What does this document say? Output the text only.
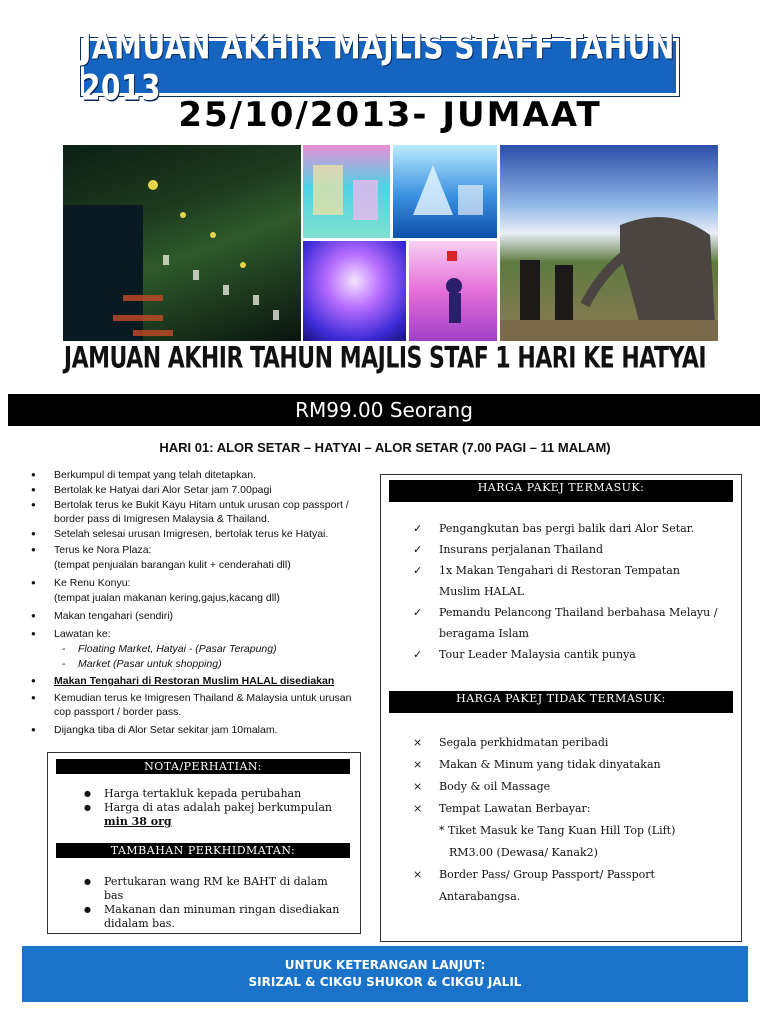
JAMUAN AKHIR MAJLIS STAFF TAHUN 2013
25/10/2013- JUMAAT
JAMUAN AKHIR TAHUN MAJLIS STAF 1 HARI KE HATYAI
RM99.00 Seorang
HARI 01: ALOR SETAR – HATYAI – ALOR SETAR (7.00 PAGI – 11 MALAM)
● Berkumpul di tempat yang telah ditetapkan.
● Bertolak ke Hatyai dari Alor Setar jam 7.00pagi
● Bertolak terus ke Bukit Kayu Hitam untuk urusan cop passport / border pass di Imigresen Malaysia & Thailand.
● Setelah selesai urusan Imigresen, bertolak terus ke Hatyai.
● Terus ke Nora Plaza:
(tempat penjualan barangan kulit + cenderahati dll)
● Ke Renu Konyu:
(tempat jualan makanan kering,gajus,kacang dll)
● Makan tengahari (sendiri)
● Lawatan ke:
- Floating Market, Hatyai - (Pasar Terapung)
- Market (Pasar untuk shopping)
● Makan Tengahari di Restoran Muslim HALAL disediakan
● Kemudian terus ke Imigresen Thailand & Malaysia untuk urusan cop passport / border pass.
● Dijangka tiba di Alor Setar sekitar jam 10malam.
NOTA/PERHATIAN:
● Harga tertakluk kepada perubahan
● Harga di atas adalah pakej berkumpulan
min 38 org
TAMBAHAN PERKHIDMATAN:
● Pertukaran wang RM ke BAHT di dalam bas
● Makanan dan minuman ringan disediakan didalam bas.
HARGA PAKEJ TERMASUK:
✓ Pengangkutan bas pergi balik dari Alor Setar.
✓ Insurans perjalanan Thailand
✓ 1x Makan Tengahari di Restoran Tempatan Muslim HALAL
✓ Pemandu Pelancong Thailand berbahasa Melayu / beragama Islam
✓ Tour Leader Malaysia cantik punya
HARGA PAKEJ TIDAK TERMASUK:
× Segala perkhidmatan peribadi
× Makan & Minum yang tidak dinyatakan
× Body & oil Massage
× Tempat Lawatan Berbayar:
* Tiket Masuk ke Tang Kuan Hill Top (Lift)
RM3.00 (Dewasa/ Kanak2)
× Border Pass/ Group Passport/ Passport Antarabangsa.
UNTUK KETERANGAN LANJUT:
SIRIZAL & CIKGU SHUKOR & CIKGU JALIL
